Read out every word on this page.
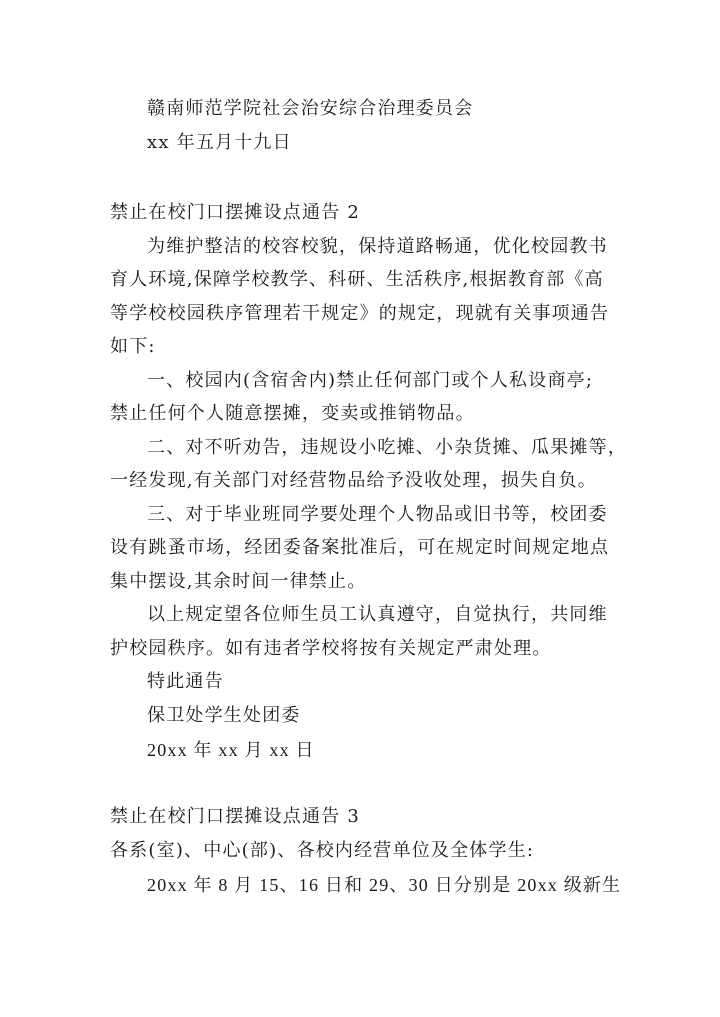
赣南师范学院社会治安综合治理委员会
xx 年五月十九日
禁止在校门口摆摊设点通告 2
为维护整洁的校容校貌，保持道路畅通，优化校园教书
育人环境,保障学校教学、科研、生活秩序,根据教育部《高
等学校校园秩序管理若干规定》的规定，现就有关事项通告
如下:
一、校园内(含宿舍内)禁止任何部门或个人私设商亭;
禁止任何个人随意摆摊，变卖或推销物品。
二、对不听劝告，违规设小吃摊、小杂货摊、瓜果摊等，
一经发现,有关部门对经营物品给予没收处理，损失自负。
三、对于毕业班同学要处理个人物品或旧书等，校团委
设有跳蚤市场，经团委备案批准后，可在规定时间规定地点
集中摆设,其余时间一律禁止。
以上规定望各位师生员工认真遵守，自觉执行，共同维
护校园秩序。如有违者学校将按有关规定严肃处理。
特此通告
保卫处学生处团委
20xx 年 xx 月 xx 日
禁止在校门口摆摊设点通告 3
各系(室)、中心(部)、各校内经营单位及全体学生:
20xx 年 8 月 15、16 日和 29、30 日分别是 20xx 级新生
